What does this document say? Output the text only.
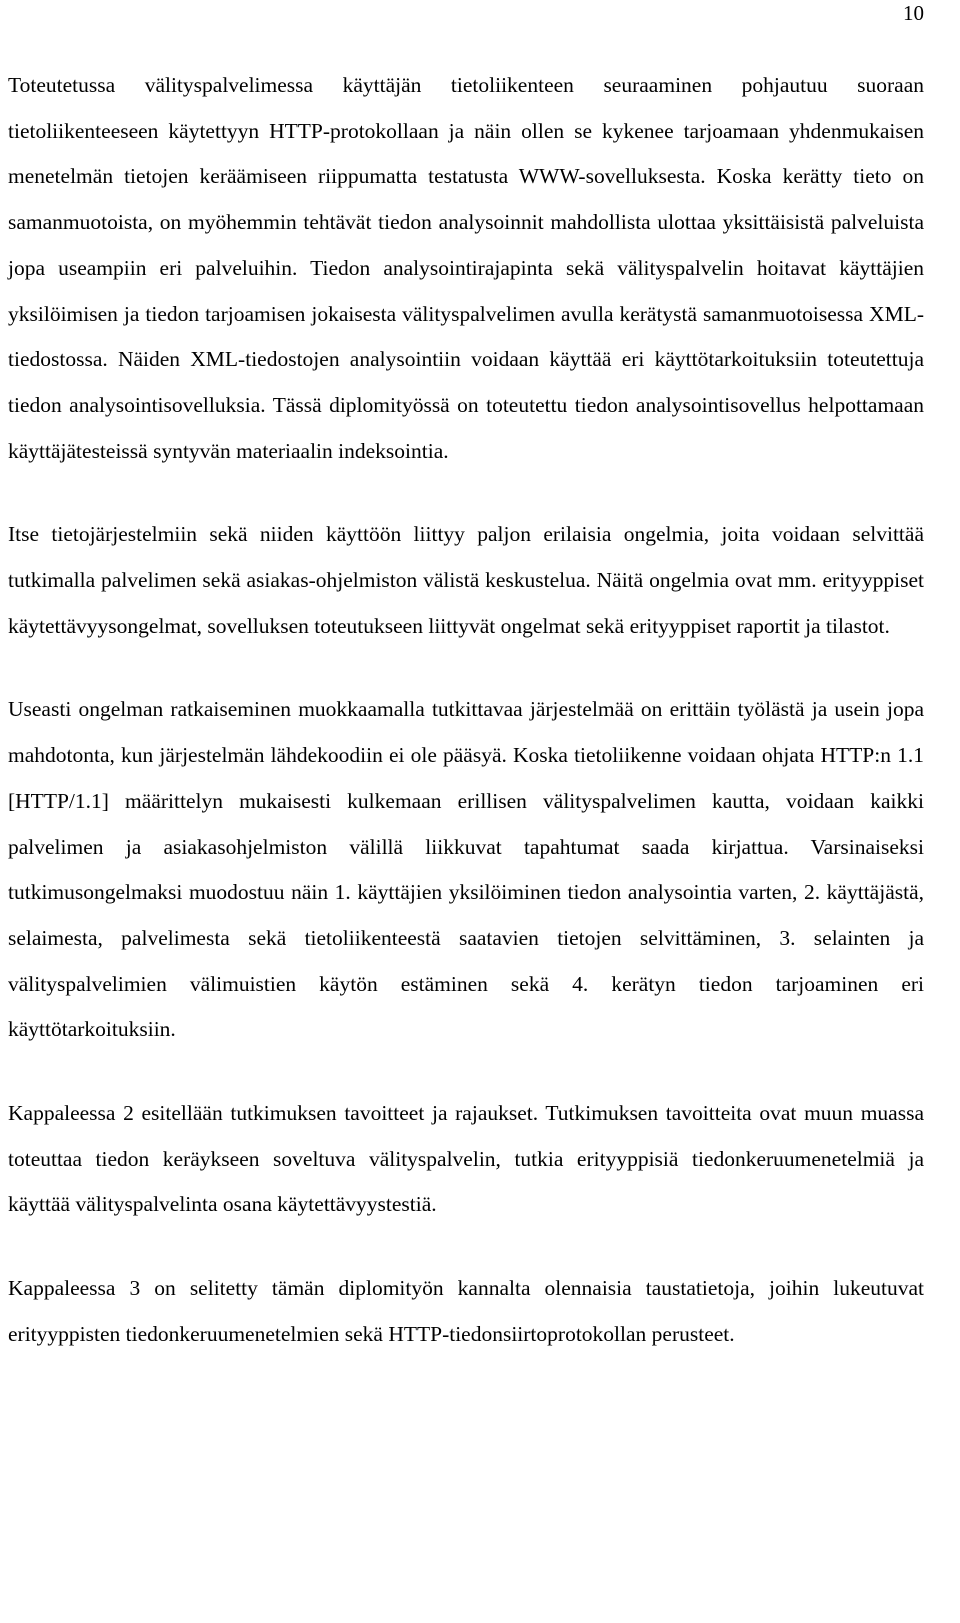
10

Toteutetussa välityspalvelimessa käyttäjän tietoliikenteen seuraaminen pohjautuu suoraan tietoliikenteeseen käytettyyn HTTP-protokollaan ja näin ollen se kykenee tarjoamaan yhdenmukaisen menetelmän tietojen keräämiseen riippumatta testatusta WWW-sovelluksesta. Koska kerätty tieto on samanmuotoista, on myöhemmin tehtävät tiedon analysoinnit mahdollista ulottaa yksittäisistä palveluista jopa useampiin eri palveluihin. Tiedon analysointirajapinta sekä välityspalvelin hoitavat käyttäjien yksilöimisen ja tiedon tarjoamisen jokaisesta välityspalvelimen avulla kerätystä samanmuotoisessa XML-tiedostossa. Näiden XML-tiedostojen analysointiin voidaan käyttää eri käyttötarkoituksiin toteutettuja tiedon analysointisovelluksia. Tässä diplomityössä on toteutettu tiedon analysointisovellus helpottamaan käyttäjätesteissä syntyvän materiaalin indeksointia.

Itse tietojärjestelmiin sekä niiden käyttöön liittyy paljon erilaisia ongelmia, joita voidaan selvittää tutkimalla palvelimen sekä asiakas-ohjelmiston välistä keskustelua. Näitä ongelmia ovat mm. erityyppiset käytettävyysongelmat, sovelluksen toteutukseen liittyvät ongelmat sekä erityyppiset raportit ja tilastot.

Useasti ongelman ratkaiseminen muokkaamalla tutkittavaa järjestelmää on erittäin työlästä ja usein jopa mahdotonta, kun järjestelmän lähdekoodiin ei ole pääsyä. Koska tietoliikenne voidaan ohjata HTTP:n 1.1 [HTTP/1.1] määrittelyn mukaisesti kulkemaan erillisen välityspalvelimen kautta, voidaan kaikki palvelimen ja asiakasohjelmiston välillä liikkuvat tapahtumat saada kirjattua. Varsinaiseksi tutkimusongelmaksi muodostuu näin 1. käyttäjien yksilöiminen tiedon analysointia varten, 2. käyttäjästä, selaimesta, palvelimesta sekä tietoliikenteestä saatavien tietojen selvittäminen, 3. selainten ja välityspalvelimien välimuistien käytön estäminen sekä 4. kerätyn tiedon tarjoaminen eri käyttötarkoituksiin.

Kappaleessa 2 esitellään tutkimuksen tavoitteet ja rajaukset. Tutkimuksen tavoitteita ovat muun muassa toteuttaa tiedon keräykseen soveltuva välityspalvelin, tutkia erityyppisiä tiedonkeruumenetelmiä ja käyttää välityspalvelinta osana käytettävyystestiä.

Kappaleessa 3 on selitetty tämän diplomityön kannalta olennaisia taustatietoja, joihin lukeutuvat erityyppisten tiedonkeruumenetelmien sekä HTTP-tiedonsiirtoprotokollan perusteet.
